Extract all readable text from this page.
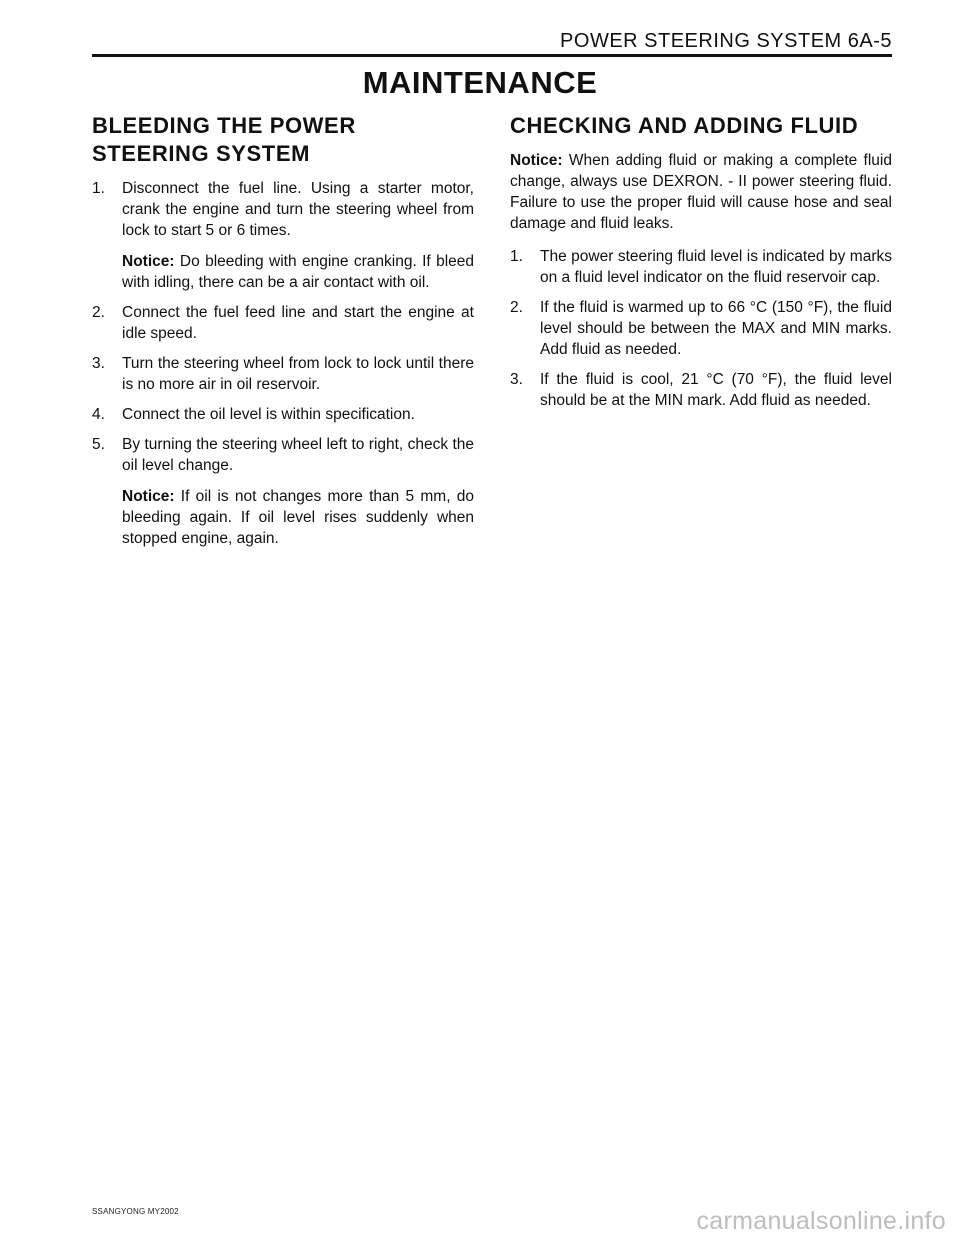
POWER STEERING SYSTEM 6A-5
MAINTENANCE
BLEEDING THE POWER
STEERING SYSTEM
1. Disconnect the fuel line. Using a starter motor, crank the engine and turn the steering wheel from lock to start 5 or 6 times.
Notice: Do bleeding with engine cranking. If bleed with idling, there can be a air contact with oil.
2. Connect the fuel feed line and start the engine at idle speed.
3. Turn the steering wheel from lock to lock until there is no more air in oil reservoir.
4. Connect the oil level is within specification.
5. By turning the steering wheel left to right, check the oil level change.
Notice: If oil is not changes more than 5 mm, do bleeding again. If oil level rises suddenly when stopped engine, again.
CHECKING AND ADDING FLUID
Notice: When adding fluid or making a complete fluid change, always use DEXRON. - II power steering fluid. Failure to use the proper fluid will cause hose and seal damage and fluid leaks.
1. The power steering fluid level is indicated by marks on a fluid level indicator on the fluid reservoir cap.
2. If the fluid is warmed up to 66 °C (150 °F), the fluid level should be between the MAX and MIN marks. Add fluid as needed.
3. If the fluid is cool, 21 °C (70 °F), the fluid level should be at the MIN mark. Add fluid as needed.
SSANGYONG MY2002	carmanualsonline.info
